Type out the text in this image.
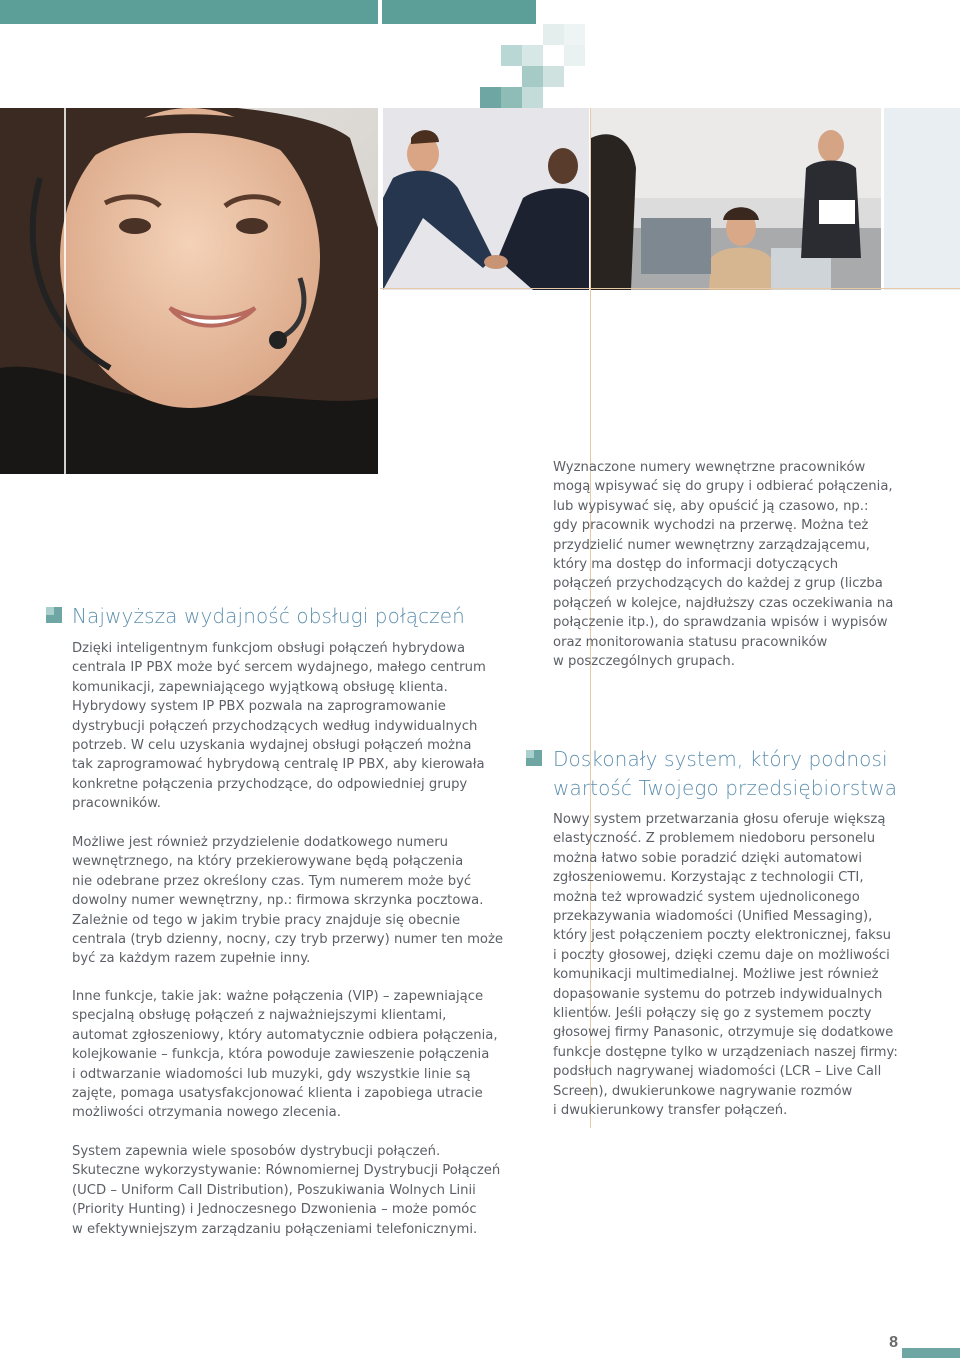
Najwyższa wydajność obsługi połączeń

Dzięki inteligentnym funkcjom obsługi połączeń hybrydowa
centrala IP PBX może być sercem wydajnego, małego centrum
komunikacji, zapewniającego wyjątkową obsługę klienta.
Hybrydowy system IP PBX pozwala na zaprogramowanie
dystrybucji połączeń przychodzących według indywidualnych
potrzeb. W celu uzyskania wydajnej obsługi połączeń można
tak zaprogramować hybrydową centralę IP PBX, aby kierowała
konkretne połączenia przychodzące, do odpowiedniej grupy
pracowników.

Możliwe jest również przydzielenie dodatkowego numeru
wewnętrznego, na który przekierowywane będą połączenia
nie odebrane przez określony czas. Tym numerem może być
dowolny numer wewnętrzny, np.: firmowa skrzynka pocztowa.
Zależnie od tego w jakim trybie pracy znajduje się obecnie
centrala (tryb dzienny, nocny, czy tryb przerwy) numer ten może
być za każdym razem zupełnie inny.

Inne funkcje, takie jak: ważne połączenia (VIP) – zapewniające
specjalną obsługę połączeń z najważniejszymi klientami,
automat zgłoszeniowy, który automatycznie odbiera połączenia,
kolejkowanie – funkcja, która powoduje zawieszenie połączenia
i odtwarzanie wiadomości lub muzyki, gdy wszystkie linie są
zajęte, pomaga usatysfakcjonować klienta i zapobiega utracie
możliwości otrzymania nowego zlecenia.

System zapewnia wiele sposobów dystrybucji połączeń.
Skuteczne wykorzystywanie: Równomiernej Dystrybucji Połączeń
(UCD – Uniform Call Distribution), Poszukiwania Wolnych Linii
(Priority Hunting) i Jednoczesnego Dzwonienia – może pomóc
w efektywniejszym zarządzaniu połączeniami telefonicznymi.

Wyznaczone numery wewnętrzne pracowników
mogą wpisywać się do grupy i odbierać połączenia,
lub wypisywać się, aby opuścić ją czasowo, np.:
gdy pracownik wychodzi na przerwę. Można też
przydzielić numer wewnętrzny zarządzającemu,
który ma dostęp do informacji dotyczących
połączeń przychodzących do każdej z grup (liczba
połączeń w kolejce, najdłuższy czas oczekiwania na
połączenie itp.), do sprawdzania wpisów i wypisów
oraz monitorowania statusu pracowników
w poszczególnych grupach.

Doskonały system, który podnosi
wartość Twojego przedsiębiorstwa

Nowy system przetwarzania głosu oferuje większą
elastyczność. Z problemem niedoboru personelu
można łatwo sobie poradzić dzięki automatowi
zgłoszeniowemu. Korzystając z technologii CTI,
można też wprowadzić system ujednoliconego
przekazywania wiadomości (Unified Messaging),
który jest połączeniem poczty elektronicznej, faksu
i poczty głosowej, dzięki czemu daje on możliwości
komunikacji multimedialnej. Możliwe jest również
dopasowanie systemu do potrzeb indywidualnych
klientów. Jeśli połączy się go z systemem poczty
głosowej firmy Panasonic, otrzymuje się dodatkowe
funkcje dostępne tylko w urządzeniach naszej firmy:
podsłuch nagrywanej wiadomości (LCR – Live Call
Screen), dwukierunkowe nagrywanie rozmów
i dwukierunkowy transfer połączeń.

8
